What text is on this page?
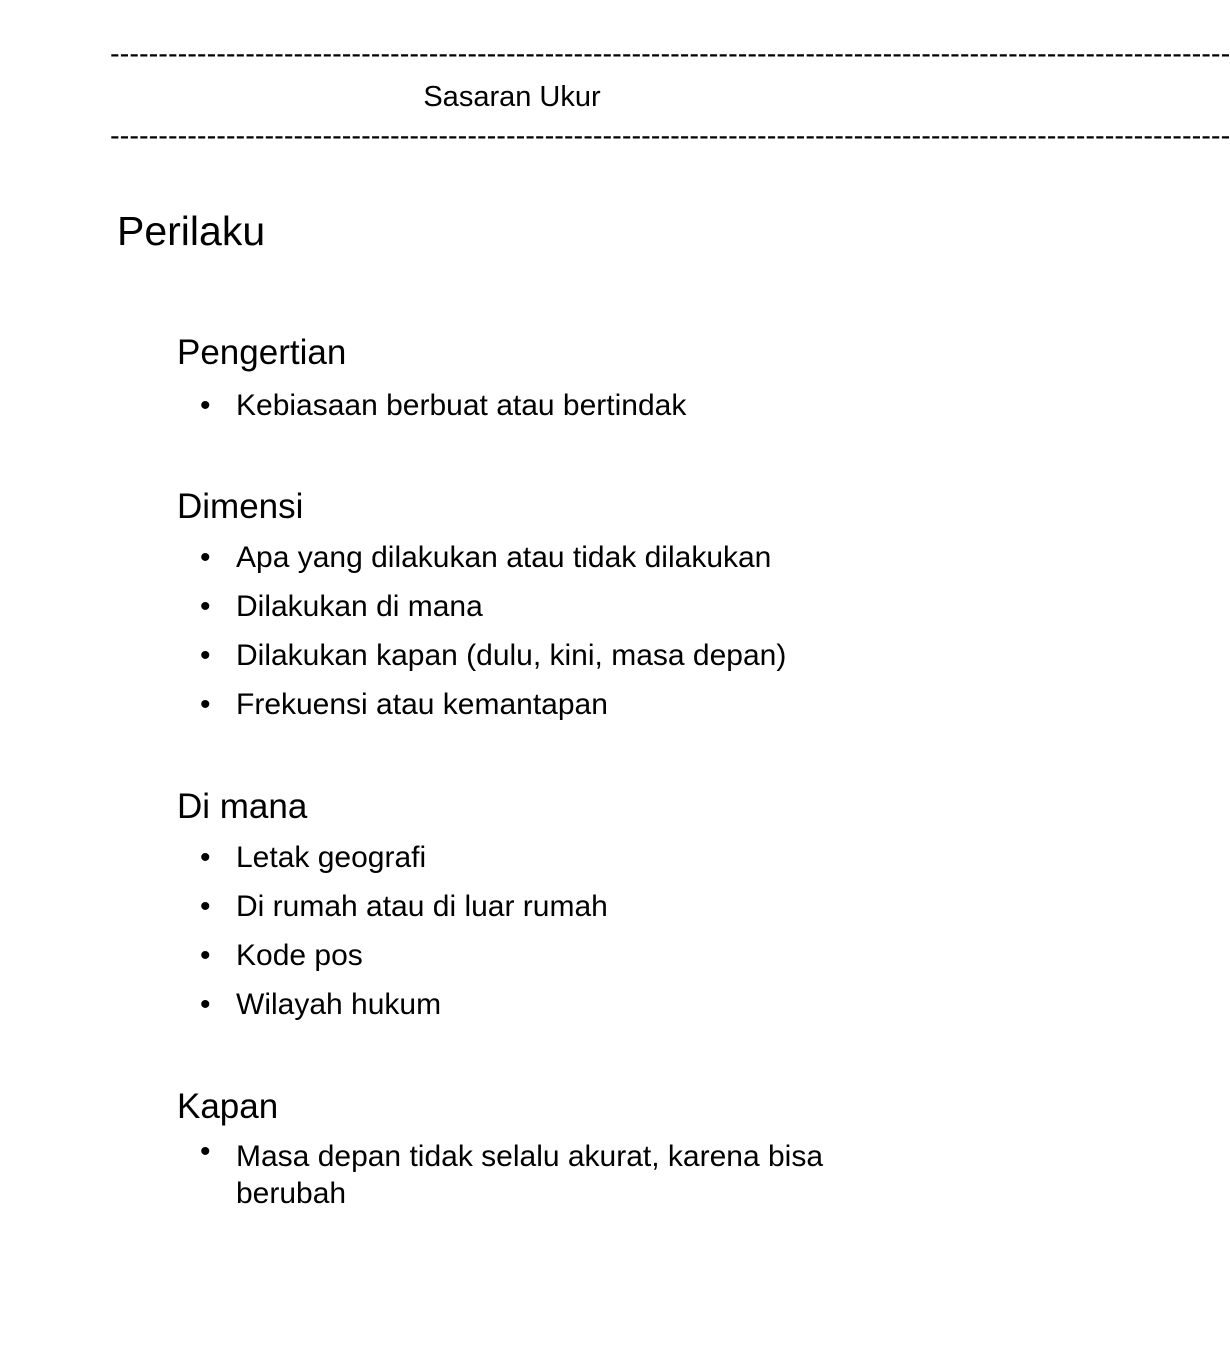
--------------------------------------------------------------------------------------------------------------------
Sasaran Ukur
--------------------------------------------------------------------------------------------------------------------
Perilaku
Pengertian
• Kebiasaan berbuat atau bertindak
Dimensi
• Apa yang dilakukan atau tidak dilakukan
• Dilakukan di mana
• Dilakukan kapan (dulu, kini, masa depan)
• Frekuensi atau kemantapan
Di mana
• Letak geografi
• Di rumah atau di luar rumah
• Kode pos
• Wilayah hukum
Kapan
• Masa depan tidak selalu akurat, karena bisa berubah
